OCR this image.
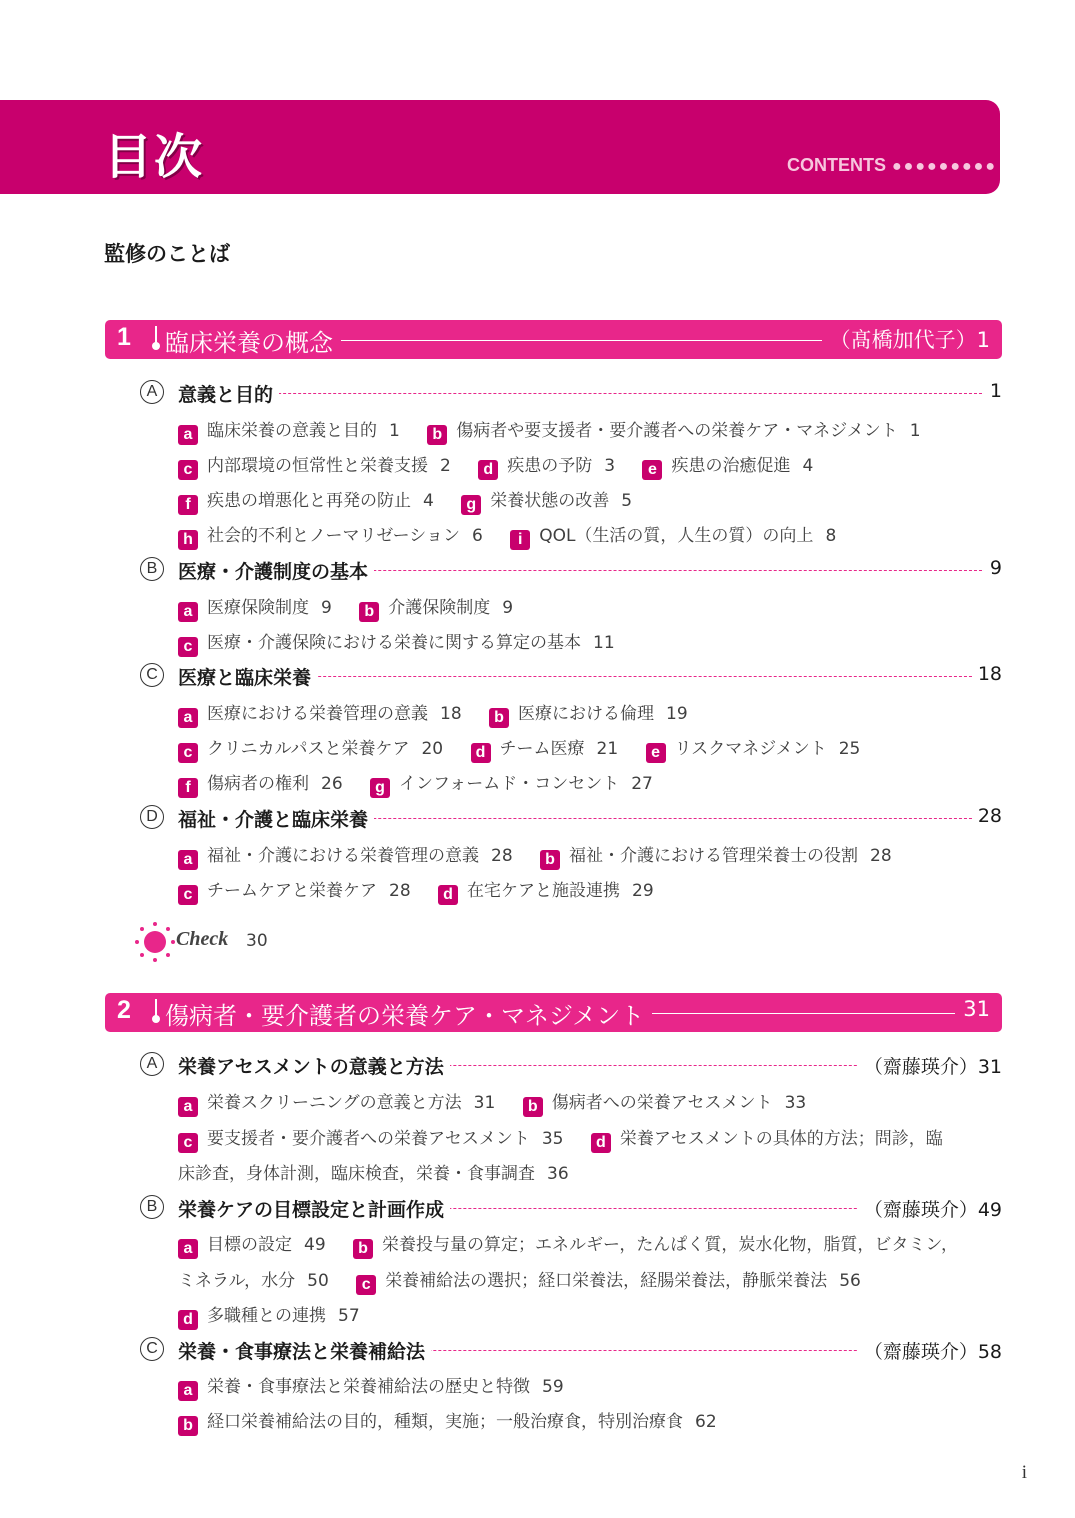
目次	CONTENTS ●●●●●●●●●
監修のことば
1 臨床栄養の概念	（髙橋加代子）1
A	意義と目的	1
a 臨床栄養の意義と目的 1 b 傷病者や要支援者・要介護者への栄養ケア・マネジメント 1
c 内部環境の恒常性と栄養支援 2 d 疾患の予防 3 e 疾患の治癒促進 4
f 疾患の増悪化と再発の防止 4 g 栄養状態の改善 5
h 社会的不利とノーマリゼーション 6 i QOL（生活の質，人生の質）の向上 8
B	医療・介護制度の基本	9
a 医療保険制度 9 b 介護保険制度 9
c 医療・介護保険における栄養に関する算定の基本 11
C	医療と臨床栄養	18
a 医療における栄養管理の意義 18 b 医療における倫理 19
c クリニカルパスと栄養ケア 20 d チーム医療 21 e リスクマネジメント 25
f 傷病者の権利 26 g インフォームド・コンセント 27
D	福祉・介護と臨床栄養	28
a 福祉・介護における栄養管理の意義 28 b 福祉・介護における管理栄養士の役割 28
c チームケアと栄養ケア 28 d 在宅ケアと施設連携 29
Check 30
2 傷病者・要介護者の栄養ケア・マネジメント	31
A	栄養アセスメントの意義と方法	（齋藤瑛介）31
a 栄養スクリーニングの意義と方法 31 b 傷病者への栄養アセスメント 33
c 要支援者・要介護者への栄養アセスメント 35 d 栄養アセスメントの具体的方法；問診，臨
床診査，身体計測，臨床検査，栄養・食事調査 36
B	栄養ケアの目標設定と計画作成	（齋藤瑛介）49
a 目標の設定 49 b 栄養投与量の算定；エネルギー，たんぱく質，炭水化物，脂質，ビタミン，
ミネラル，水分 50 c 栄養補給法の選択；経口栄養法，経腸栄養法，静脈栄養法 56
d 多職種との連携 57
C	栄養・食事療法と栄養補給法	（齋藤瑛介）58
a 栄養・食事療法と栄養補給法の歴史と特徴 59
b 経口栄養補給法の目的，種類，実施；一般治療食，特別治療食 62
i
